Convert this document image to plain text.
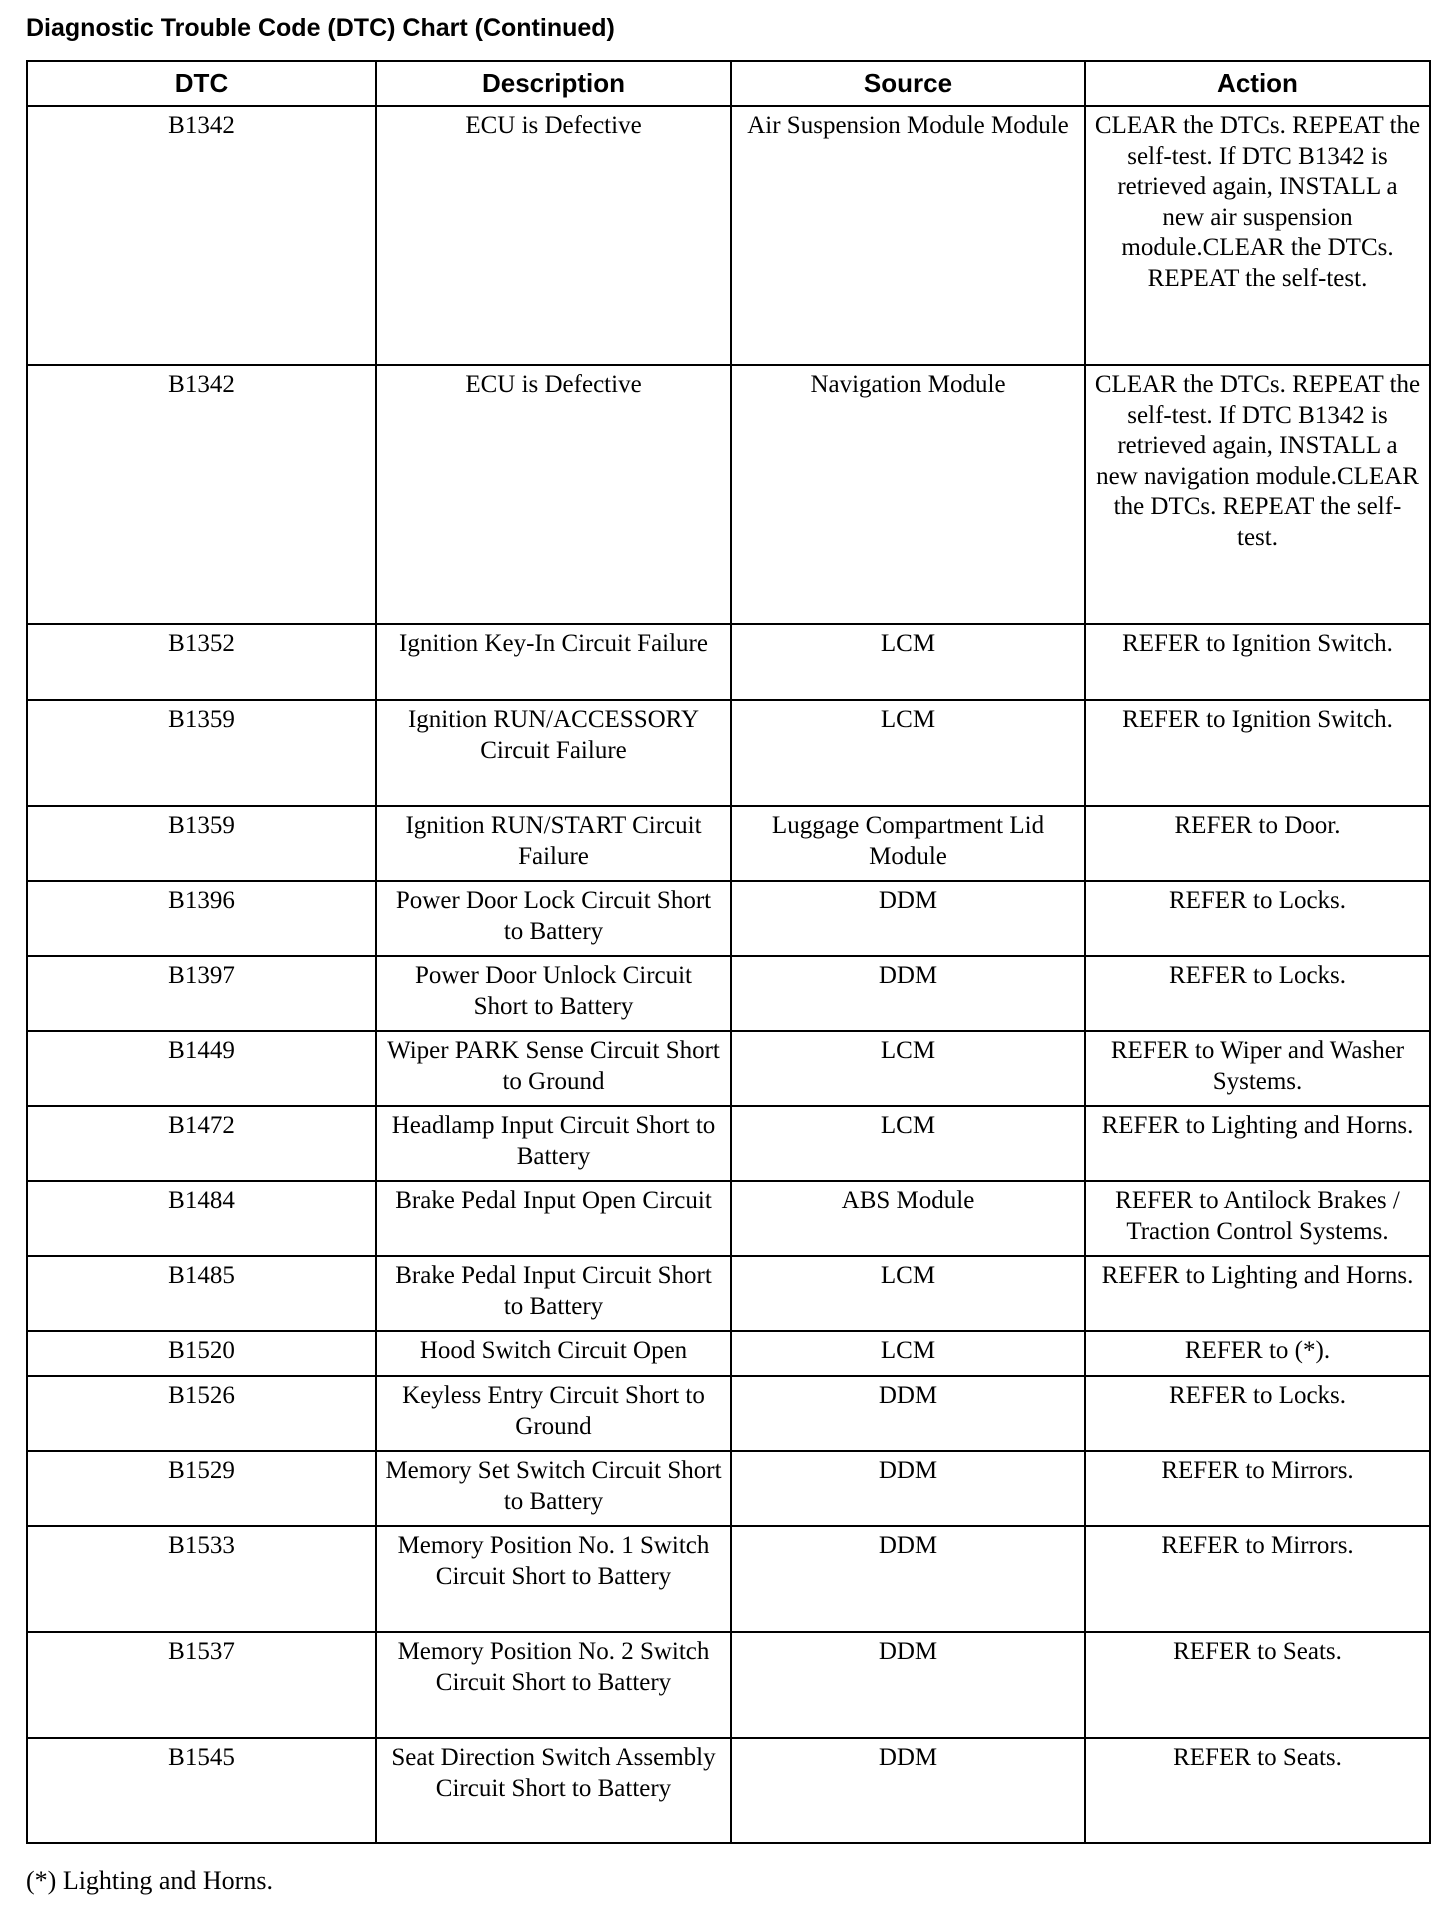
Diagnostic Trouble Code (DTC) Chart (Continued)
DTC	Description	Source	Action
B1342	ECU is Defective	Air Suspension Module Module	CLEAR the DTCs. REPEAT the self-test. If DTC B1342 is retrieved again, INSTALL a new air suspension module.CLEAR the DTCs. REPEAT the self-test.
B1342	ECU is Defective	Navigation Module	CLEAR the DTCs. REPEAT the self-test. If DTC B1342 is retrieved again, INSTALL a new navigation module.CLEAR the DTCs. REPEAT the self-test.
B1352	Ignition Key-In Circuit Failure	LCM	REFER to Ignition Switch.
B1359	Ignition RUN/ACCESSORY Circuit Failure	LCM	REFER to Ignition Switch.
B1359	Ignition RUN/START Circuit Failure	Luggage Compartment Lid Module	REFER to Door.
B1396	Power Door Lock Circuit Short to Battery	DDM	REFER to Locks.
B1397	Power Door Unlock Circuit Short to Battery	DDM	REFER to Locks.
B1449	Wiper PARK Sense Circuit Short to Ground	LCM	REFER to Wiper and Washer Systems.
B1472	Headlamp Input Circuit Short to Battery	LCM	REFER to Lighting and Horns.
B1484	Brake Pedal Input Open Circuit	ABS Module	REFER to Antilock Brakes / Traction Control Systems.
B1485	Brake Pedal Input Circuit Short to Battery	LCM	REFER to Lighting and Horns.
B1520	Hood Switch Circuit Open	LCM	REFER to (*).
B1526	Keyless Entry Circuit Short to Ground	DDM	REFER to Locks.
B1529	Memory Set Switch Circuit Short to Battery	DDM	REFER to Mirrors.
B1533	Memory Position No. 1 Switch Circuit Short to Battery	DDM	REFER to Mirrors.
B1537	Memory Position No. 2 Switch Circuit Short to Battery	DDM	REFER to Seats.
B1545	Seat Direction Switch Assembly Circuit Short to Battery	DDM	REFER to Seats.

(*) Lighting and Horns.
